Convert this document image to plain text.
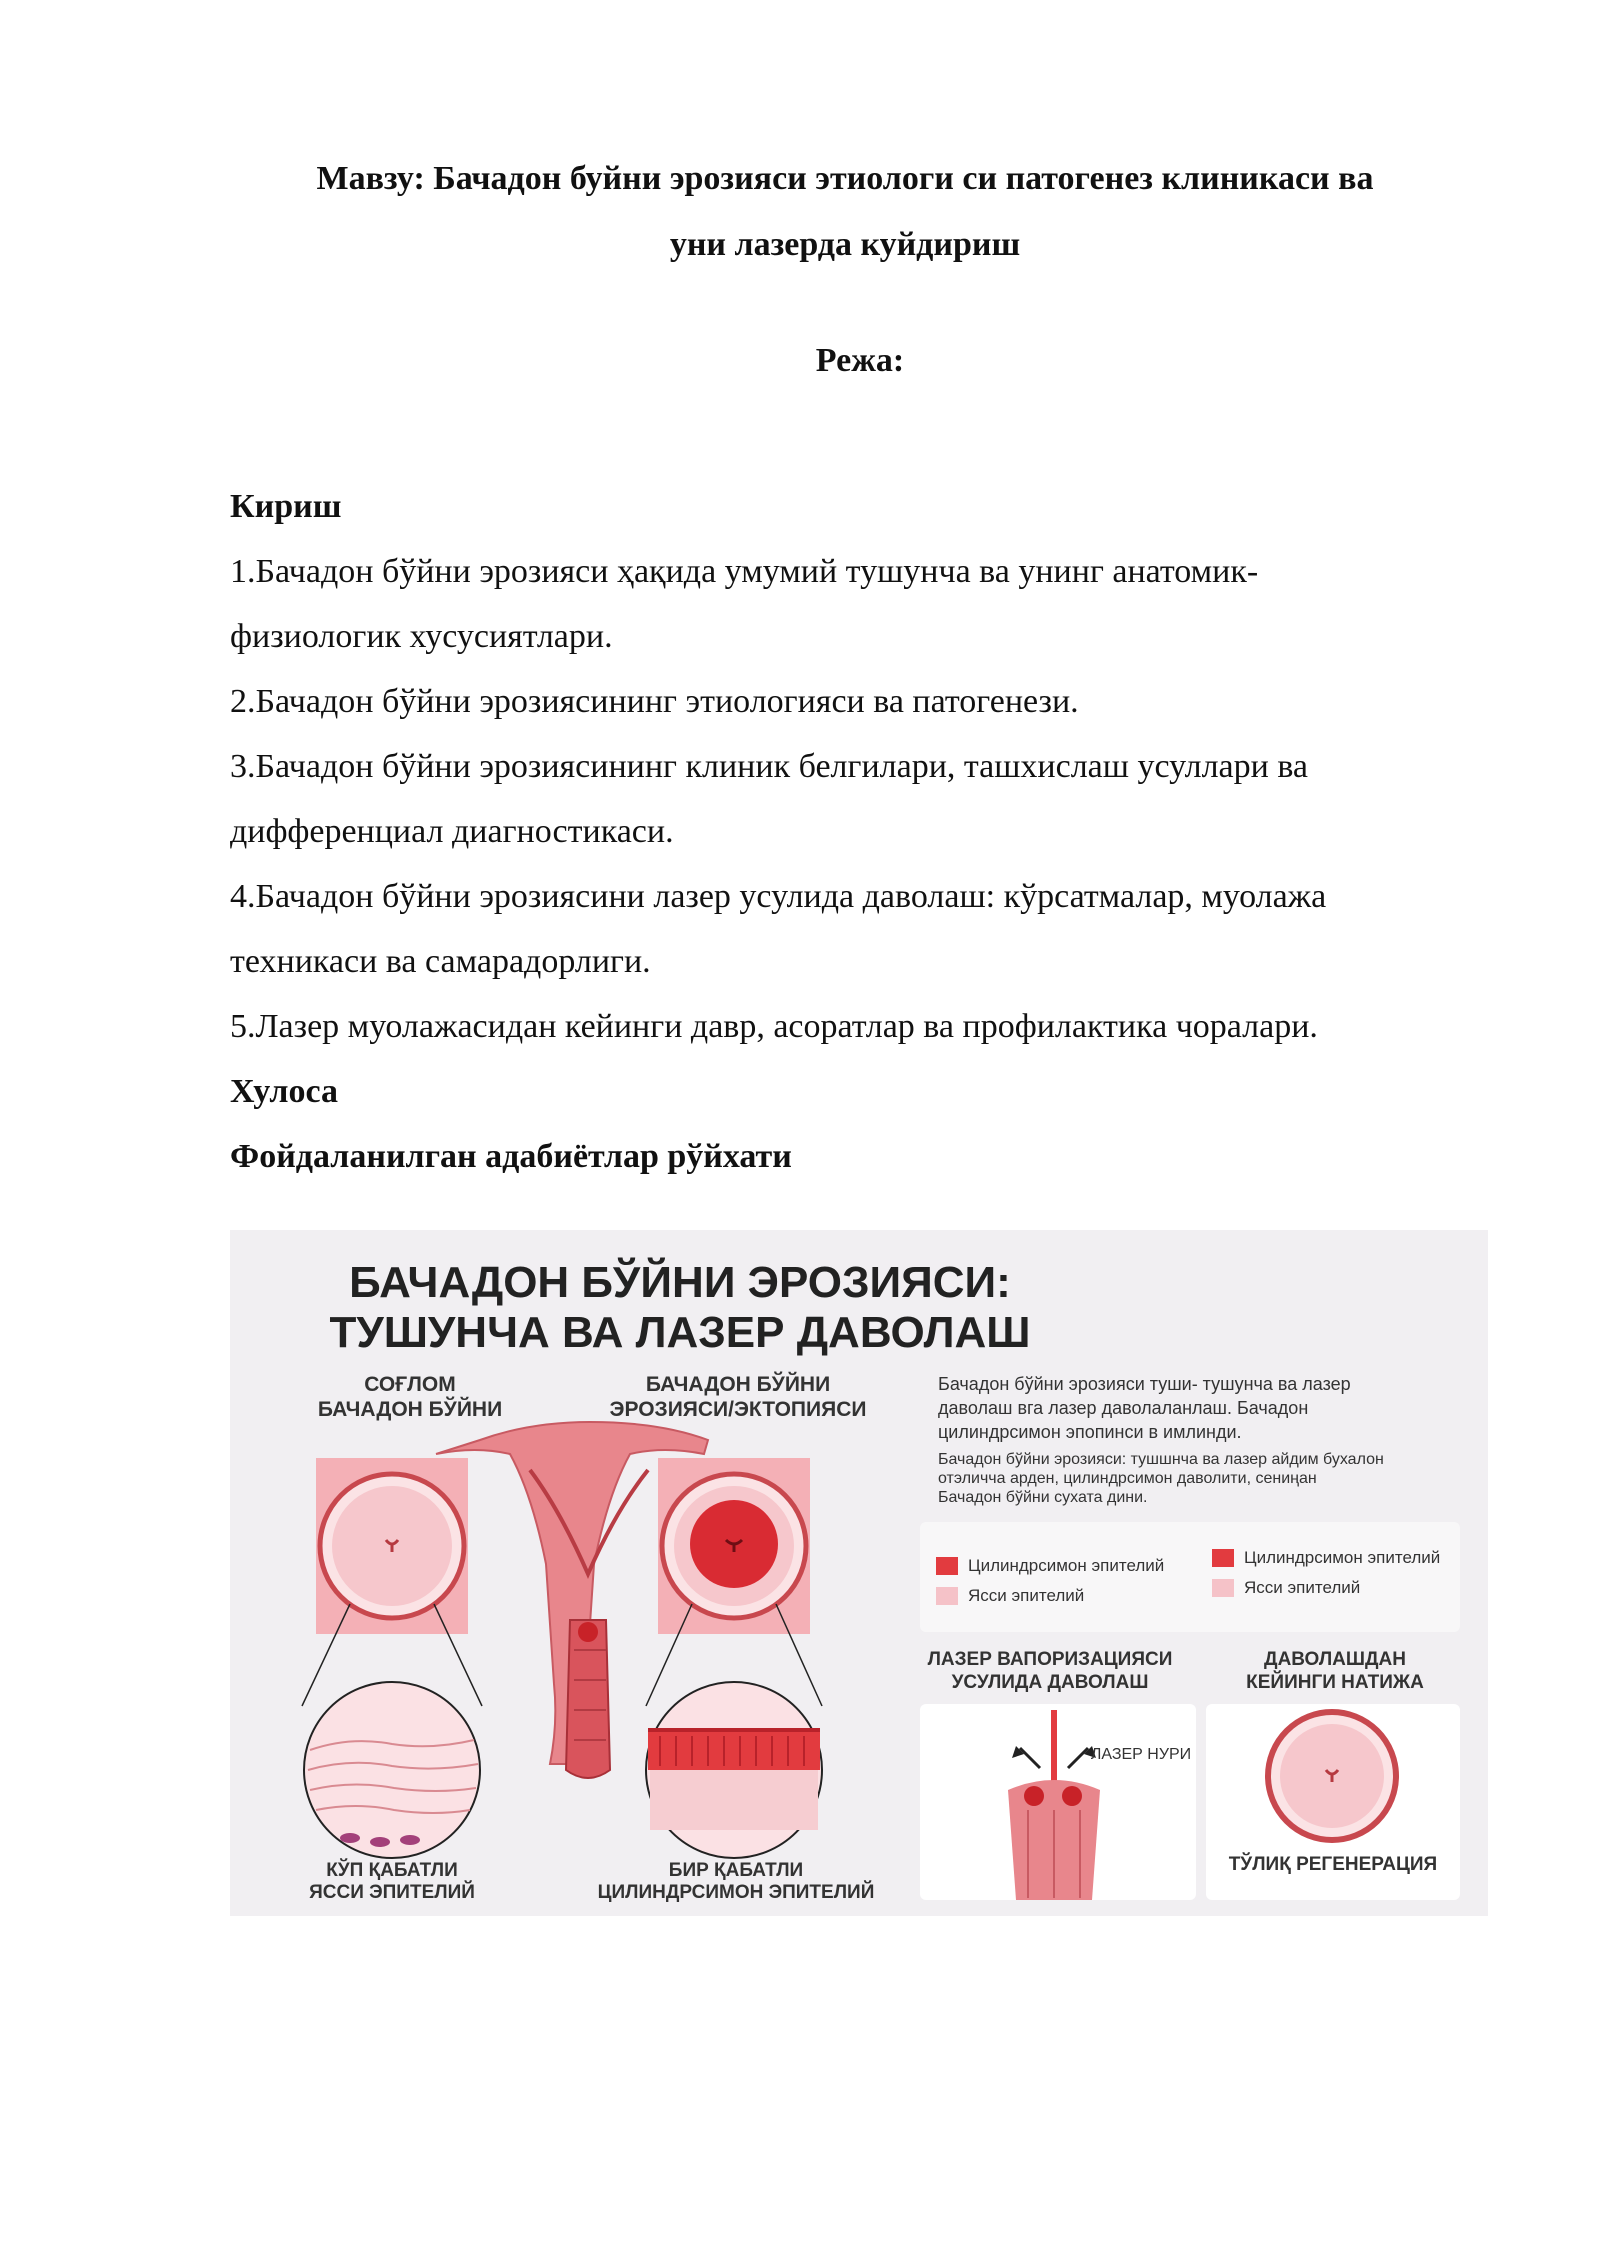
Мавзу: Бачадон буйни эрозияси этиологи си патогенез клиникаси ва
уни лазерда куйдириш
Режа:
Кириш
1.Бачадон бўйни эрозияси ҳақида умумий тушунча ва унинг анатомик-
физиологик хусусиятлари.
2.Бачадон бўйни эрозиясининг этиологияси ва патогенези.
3.Бачадон бўйни эрозиясининг клиник белгилари, ташхислаш усуллари ва
дифференциал диагностикаси.
4.Бачадон бўйни эрозиясини лазер усулида даволаш: кўрсатмалар, муолажа
техникаси ва самарадорлиги.
5.Лазер муолажасидан кейинги давр, асоратлар ва профилактика чоралари.
Хулоса
Фойдаланилган адабиётлар рўйхати
БАЧАДОН БЎЙНИ ЭРОЗИЯСИ:
ТУШУНЧА ВА ЛАЗЕР ДАВОЛАШ
СОҒЛОМ
БАЧАДОН БЎЙНИ
БАЧАДОН БЎЙНИ
ЭРОЗИЯСИ/ЭКТОПИЯСИ
Бачадон бўйни эрозияси туши- тушунча ва лазер
даволаш вга лазер даволаланлаш. Бачадон
цилиндрсимон эпопинси в имлинди.
Бачадон бўйни эрозияси: тушшнча ва лазер айдим бухалон
отэличча арден, цилиндрсимон даволити, сениңан
Бачадон бўйни сухата дини.
Цилиндрсимон эпителий
Ясси эпителий
Цилиндрсимон эпителий
Ясси эпителий
ЛАЗЕР ВАПОРИЗАЦИЯСИ
УСУЛИДА ДАВОЛАШ
ДАВОЛАШДАН
КЕЙИНГИ НАТИЖА
ЛАЗЕР НУРИ
ТЎЛИҚ РЕГЕНЕРАЦИЯ
КЎП ҚАБАТЛИ
ЯССИ ЭПИТЕЛИЙ
БИР ҚАБАТЛИ
ЦИЛИНДРСИМОН ЭПИТЕЛИЙ
